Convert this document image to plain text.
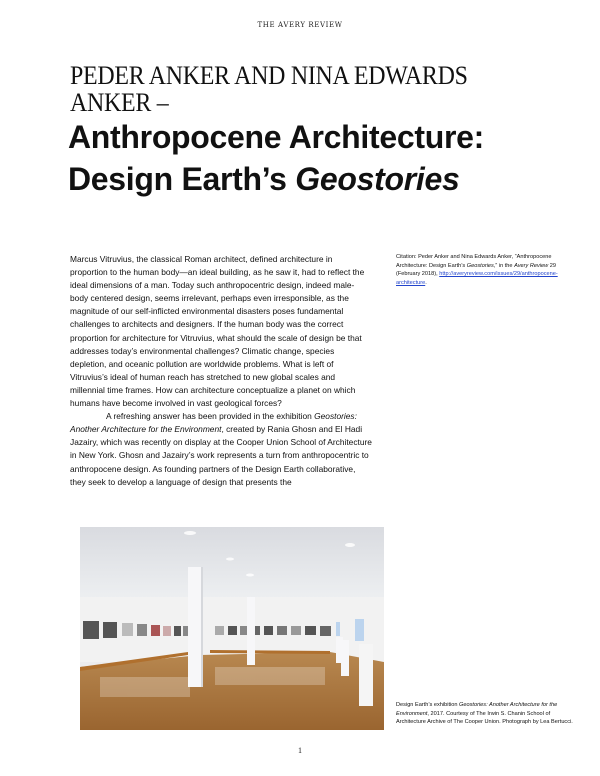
THE AVERY REVIEW
PEDER ANKER AND NINA EDWARDS ANKER –
Anthropocene Architecture:
Design Earth’s Geostories

Marcus Vitruvius, the classical Roman architect, defined architecture in proportion to the human body—an ideal building, as he saw it, had to reflect the ideal dimensions of a man. Today such anthropocentric design, indeed male-body centered design, seems irrelevant, perhaps even irresponsible, as the magnitude of our self-inflicted environmental disasters poses fundamental challenges to architects and designers. If the human body was the correct proportion for architecture for Vitruvius, what should the scale of design be that addresses today’s environmental challenges? Climatic change, species depletion, and oceanic pollution are worldwide problems. What is left of Vitruvius’s ideal of human reach has stretched to new global scales and millennial time frames. How can architecture conceptualize a planet on which humans have become involved in vast geological forces?

A refreshing answer has been provided in the exhibition Geostories: Another Architecture for the Environment, created by Rania Ghosn and El Hadi Jazairy, which was recently on display at the Cooper Union School of Architecture in New York. Ghosn and Jazairy’s work represents a turn from anthropocentric to anthropocene design. As founding partners of the Design Earth collaborative, they seek to develop a language of design that presents the

Citation: Peder Anker and Nina Edwards Anker, “Anthropocene Architecture: Design Earth’s Geostories,” in the Avery Review 29 (February 2018), http://averyreview.com/issues/29/anthropocene-architecture.
Design Earth’s exhibition Geostories: Another Architecture for the Environment, 2017. Courtesy of The Irwin S. Chanin School of Architecture Archive of The Cooper Union. Photograph by Lea Bertucci.
1
